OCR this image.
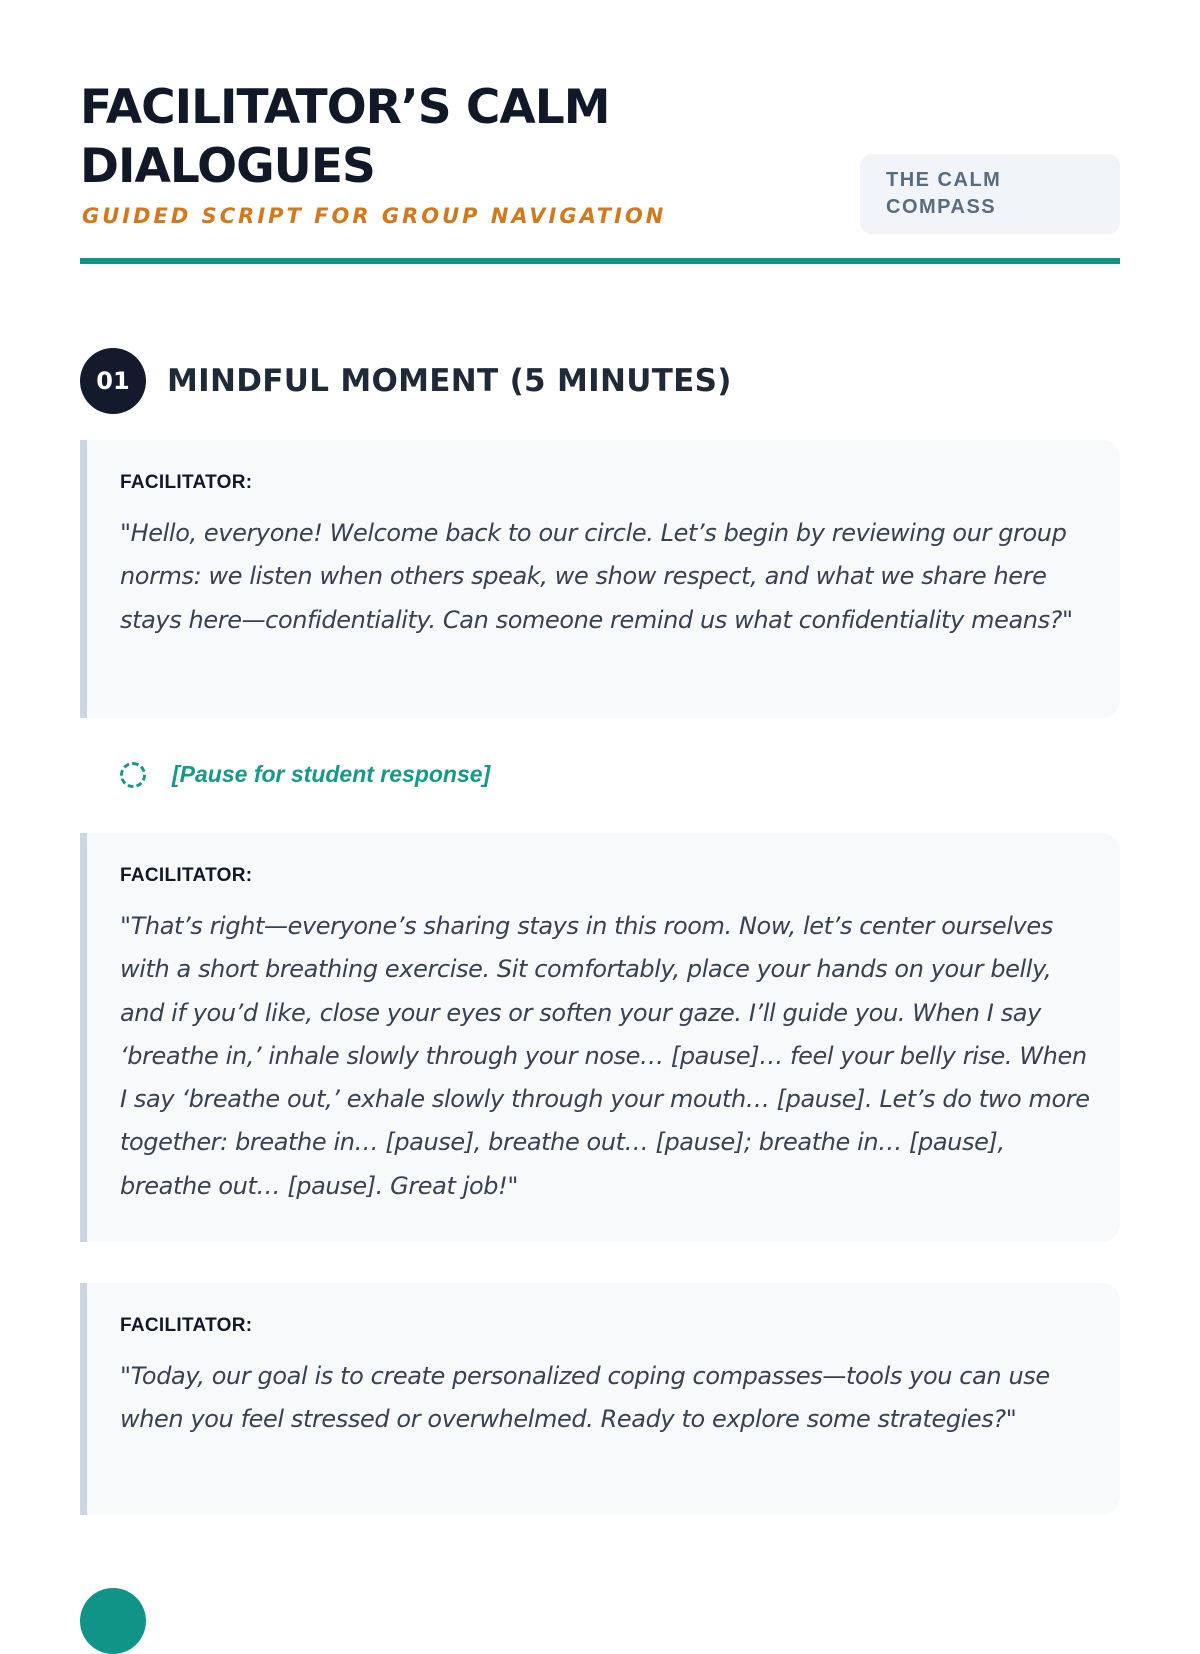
FACILITATOR’S CALM
DIALOGUES
GUIDED SCRIPT FOR GROUP NAVIGATION
THE CALM
COMPASS
01	MINDFUL MOMENT (5 MINUTES)
FACILITATOR:

"Hello, everyone! Welcome back to our circle. Let’s begin by reviewing our group norms: we listen when others speak, we show respect, and what we share here stays here—confidentiality. Can someone remind us what confidentiality means?"

[Pause for student response]
FACILITATOR:

"That’s right—everyone’s sharing stays in this room. Now, let’s center ourselves with a short breathing exercise. Sit comfortably, place your hands on your belly, and if you’d like, close your eyes or soften your gaze. I’ll guide you. When I say ‘breathe in,’ inhale slowly through your nose… [pause]… feel your belly rise. When I say ‘breathe out,’ exhale slowly through your mouth… [pause]. Let’s do two more together: breathe in… [pause], breathe out… [pause]; breathe in… [pause], breathe out… [pause]. Great job!"

FACILITATOR:

"Today, our goal is to create personalized coping compasses—tools you can use when you feel stressed or overwhelmed. Ready to explore some strategies?"
